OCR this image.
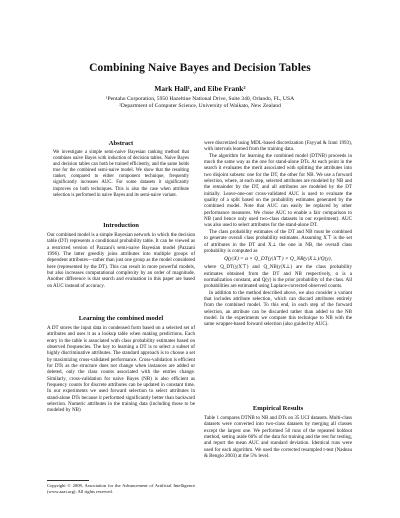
Combining Naive Bayes and Decision Tables
Mark Hall¹, and Eibe Frank²
¹Pentaho Corporation, 5950 Hazeltine National Drive, Suite 340, Orlando, FL, USA
²Department of Computer Science, University of Waikato, New Zealand
Abstract

We investigate a simple semi-naive Bayesian ranking method that combines naive Bayes with induction of decision tables. Naive Bayes and decision tables can both be trained efficiently, and the same holds true for the combined semi-naive model. We show that the resulting ranker, compared to either component technique, frequently significantly increases AUC. For some datasets it significantly improves on both techniques. This is also the case when attribute selection is performed in naive Bayes and its semi-naive variant.

Introduction

Our combined model is a simple Bayesian network in which the decision table (DT) represents a conditional probability table. It can be viewed as a restricted version of Pazzani's semi-naive Bayesian model (Pazzani 1996). The latter greedily joins attributes into multiple groups of dependent attributes—rather than just one group as the model considered here (represented by the DT). This can result in more powerful models, but also increases computational complexity by an order of magnitude. Another difference is that search and evaluation in this paper are based on AUC instead of accuracy.

Learning the combined model

A DT stores the input data in condensed form based on a selected set of attributes and uses it as a lookup table when making predictions. Each entry in the table is associated with class probability estimates based on observed frequencies. The key to learning a DT is to select a subset of highly discriminative attributes. The standard approach is to choose a set by maximizing cross-validated performance. Cross-validation is efficient for DTs as the structure does not change when instances are added or deleted, only the class counts associated with the entries change. Similarly, cross-validation for naive Bayes (NB) is also efficient as frequency counts for discrete attributes can be updated in constant time. In our experiments we used forward selection to select attributes in stand-alone DTs because it performed significantly better than backward selection. Numeric attributes in the training data (including those to be modeled by NB)

Copyright © 2008, Association for the Advancement of Artificial Intelligence (www.aaai.org). All rights reserved.

were discretized using MDL-based discretization (Fayyad & Irani 1993), with intervals learned from the training data.

The algorithm for learning the combined model (DTNB) proceeds in much the same way as the one for stand-alone DTs. At each point in the search it evaluates the merit associated with splitting the attributes into two disjoint subsets: one for the DT, the other for NB. We use a forward selection, where, at each step, selected attributes are modeled by NB and the remainder by the DT, and all attributes are modeled by the DT initially. Leave-one-out cross-validated AUC is used to evaluate the quality of a split based on the probability estimates generated by the combined model. Note that AUC can easily be replaced by other performance measures. We chose AUC to enable a fair comparison to NB (and hence only used two-class datasets in our experiment). AUC was also used to select attributes for the stand-alone DT.

The class probability estimates of the DT and NB must be combined to generate overall class probability estimates. Assuming X⊤ is the set of attributes in the DT and X⊥ the one in NB, the overall class probability is computed as

Q(y|X) = α × Q_DT(y|X⊤) × Q_NB(y|X⊥)/Q(y),

where Q_DT(y|X⊤) and Q_NB(y|X⊥) are the class probability estimates obtained from the DT and NB respectively, α is a normalization constant, and Q(y) is the prior probability of the class. All probabilities are estimated using Laplace-corrected observed counts.

In addition to the method described above, we also consider a variant that includes attribute selection, which can discard attributes entirely from the combined model. To this end, in each step of the forward selection, an attribute can be discarded rather than added to the NB model. In the experiments we compare this technique to NB with the same wrapper-based forward selection (also guided by AUC).

Empirical Results

Table 1 compares DTNB to NB and DTs on 35 UCI datasets. Multi-class datasets were converted into two-class datasets by merging all classes except the largest one. We performed 50 runs of the repeated holdout method, setting aside 66% of the data for training and the rest for testing, and report the mean AUC and standard deviation. Identical runs were used for each algorithm. We used the corrected resampled t-test (Nadeau & Bengio 2003) at the 5% level.
